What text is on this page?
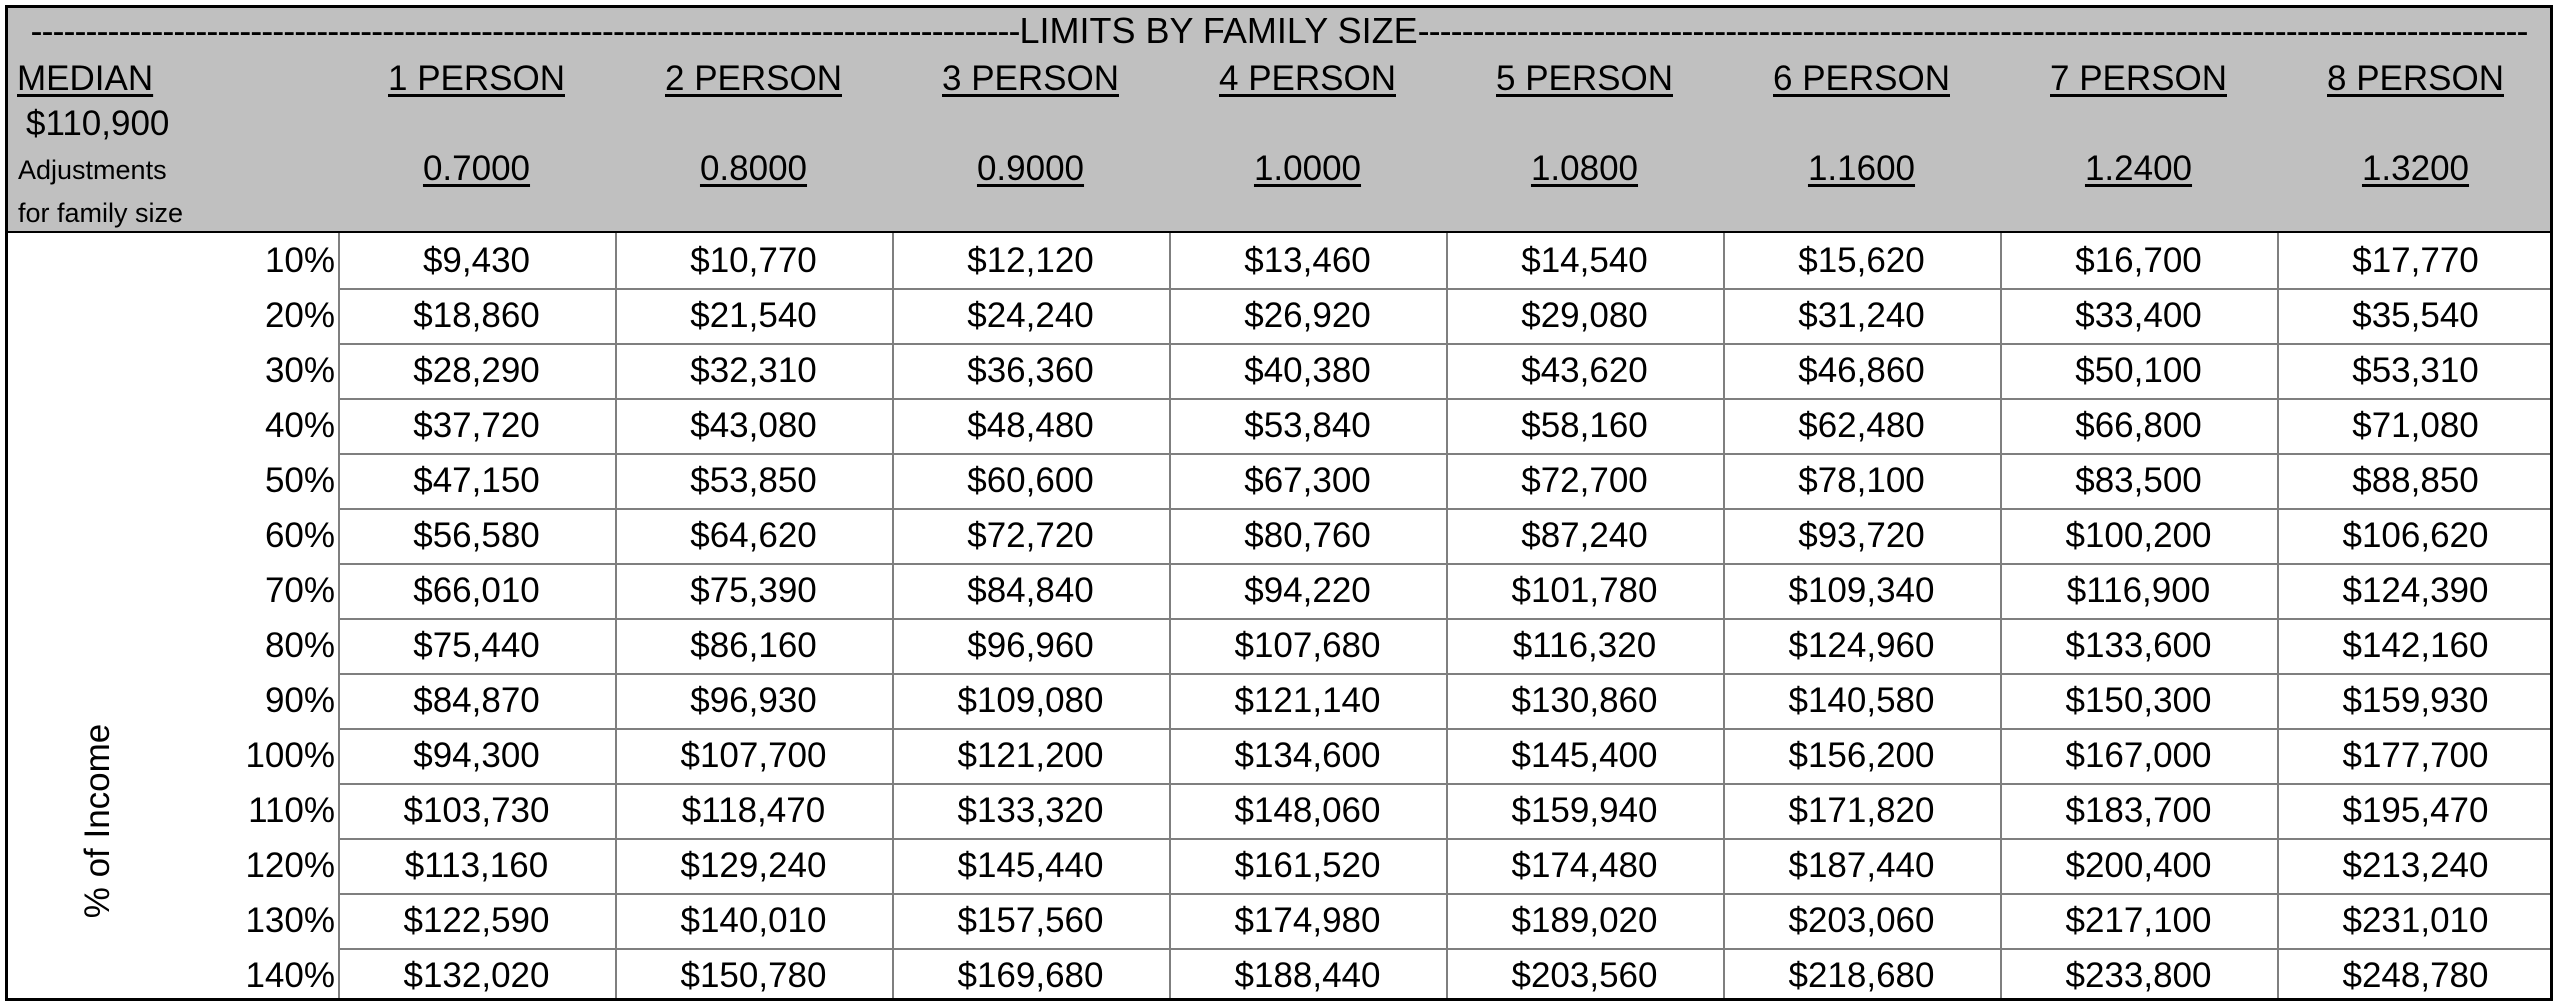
------------------------------------------------------------------------------------------LIMITS BY FAMILY SIZE-----------------------------------------------------------------------------------------------------
MEDIAN
$110,900
Adjustments
for family size
1 PERSON	2 PERSON	3 PERSON	4 PERSON	5 PERSON	6 PERSON	7 PERSON	8 PERSON
0.7000	0.8000	0.9000	1.0000	1.0800	1.1600	1.2400	1.3200
10%	$9,430	$10,770	$12,120	$13,460	$14,540	$15,620	$16,700	$17,770
20%	$18,860	$21,540	$24,240	$26,920	$29,080	$31,240	$33,400	$35,540
30%	$28,290	$32,310	$36,360	$40,380	$43,620	$46,860	$50,100	$53,310
40%	$37,720	$43,080	$48,480	$53,840	$58,160	$62,480	$66,800	$71,080
50%	$47,150	$53,850	$60,600	$67,300	$72,700	$78,100	$83,500	$88,850
60%	$56,580	$64,620	$72,720	$80,760	$87,240	$93,720	$100,200	$106,620
70%	$66,010	$75,390	$84,840	$94,220	$101,780	$109,340	$116,900	$124,390
80%	$75,440	$86,160	$96,960	$107,680	$116,320	$124,960	$133,600	$142,160
90%	$84,870	$96,930	$109,080	$121,140	$130,860	$140,580	$150,300	$159,930
100%	$94,300	$107,700	$121,200	$134,600	$145,400	$156,200	$167,000	$177,700
110%	$103,730	$118,470	$133,320	$148,060	$159,940	$171,820	$183,700	$195,470
120%	$113,160	$129,240	$145,440	$161,520	$174,480	$187,440	$200,400	$213,240
130%	$122,590	$140,010	$157,560	$174,980	$189,020	$203,060	$217,100	$231,010
140%	$132,020	$150,780	$169,680	$188,440	$203,560	$218,680	$233,800	$248,780
% of Income
